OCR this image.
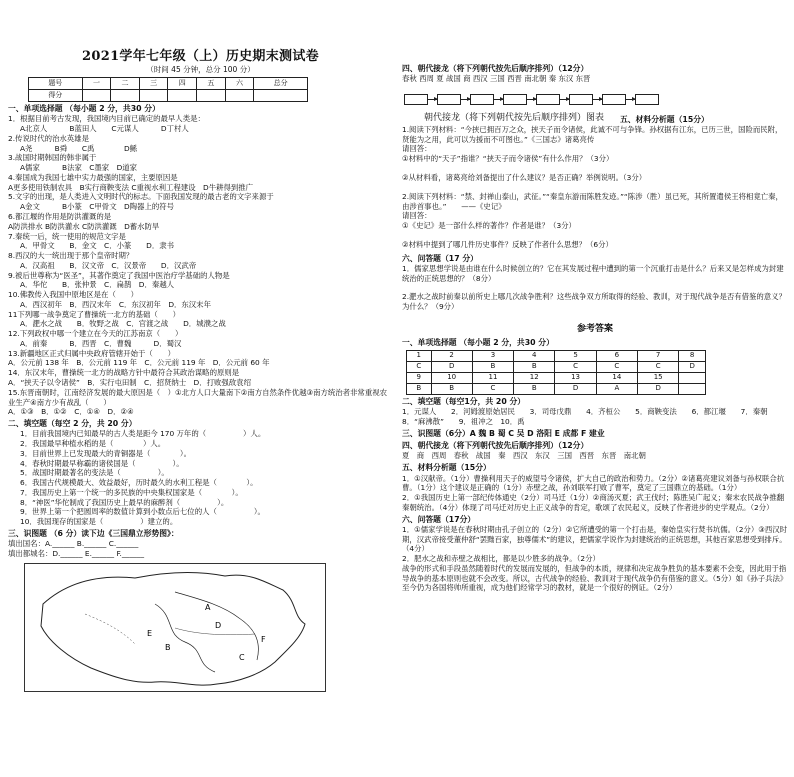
2021学年七年级（上）历史期末测试卷
（时间 45 分钟，总分 100 分）
题号	一	二	三	四	五	六	总分
得分							
一、单项选择题 （每小题 2 分，共30 分）
1．根据目前考古发现，我国境内目前已确定的最早人类是：
A北京人　　　B蓝田人　　C元谋人　　　D丁村人
2.传说时代的治水英雄是
A尧　　　B舜　　C禹　　　　D鲧
3.战国时期韩国的韩非属于
A儒家　　　B法家　C墨家　D道家
4.秦国成为我国七雄中实力最强的国家，主要原因是
A更多使用铁制农具　B实行商鞅变法 C重视水利工程建设　D牛耕得到推广
5.文字的出现，是人类进入文明时代的标志。下面我国发现的最古老的文字来源于
A金文　　　B小篆　C甲骨文　D陶器上的符号
6.都江堰的作用是防洪灌溉的是
A防洪排水 B防洪灌水 C防洪灌溉　D蓄水防旱
7.秦统一后，统一使用的规范文字是
A．甲骨文　　B．金文　C．小篆　　D．隶书
8.西汉的大一统出现于那个皇帝时期？
A．汉高祖　　B．汉文帝　C．汉景帝　　D．汉武帝
9.被后世尊称为“医圣”，其著作奠定了我国中医治疗学基础的人物是
A．华佗　　B．张仲景　C．扁鹊　D．秦越人
10.佛教传入我国中原地区是在（　　）
A．西汉初年　B．西汉末年　C．东汉初年　D．东汉末年
11下列哪一战争奠定了曹操统一北方的基础（　　）
A．淝水之战　　B．牧野之战　C．官渡之战　　D．城濮之战
12.下列政权中哪一个建立在今天的江苏南京（　　）
A．前秦　　　B．西晋　C．曹魏　　　D．蜀汉
13.新疆地区正式归属中央政府管辖开始于（　　）
A．公元前 138 年　B．公元前 119 年　C．公元前 119 年　D．公元前 60 年
14．东汉末年，曹操统一北方的战略方针中最符合其政治谋略的原则是
A．“挟天子以令诸侯”　B．实行屯田制　C．招贤纳士　D．打败强敌袁绍
15.东晋南朝时，江南经济发展的最大原因是（　）①北方人口大量南下②南方自然条件优越③南方统治者非常重视农业生产④南方少有战乱（　　）
A．①③　B．①②　C．①④　D．②④
二、填空题（每空 2 分，共 20 分）
1．目前我国境内已知最早的古人类是距今 170 万年的（　　　　　）人。
2．我国最早种植水稻的是（　　　　）人。
3．目前世界上已发现最大的青铜器是（　　　　）。
4．春秋时期最早称霸的诸侯国是（　　　　　）。
5．战国时期最著名的变法是（　　　　　）。
6．我国古代规模最大、效益最好，历时最久的水利工程是（　　　　）。
7．我国历史上第一个统一的多民族的中央集权国家是（　　　　）。
8．“神医”华佗制成了我国历史上最早的麻醉剂（　　　　　）。
9．世界上第一个把圆周率的数值计算到小数点后七位的人（　　　　　）。
10．我国现存的国家是（　　　　　）建立的。
三、识图题 （6 分）读下边《三国鼎立形势图》：
填出国名：A.______ B.______ C.______
填出都城名：D.______ E.______ F.______
A
B
C
D
E
F
四、朝代接龙（将下列朝代按先后顺序排列）（12分）
春秋 西周 夏 战国 商 西汉 三国 西晋 南北朝 秦 东汉 东晋
朝代接龙（将下列朝代按先后顺序排列）图表 五、材料分析题（15分）
1.阅读下列材料：“今挟已拥百万之众，挟天子而令诸侯，此诚不可与争锋。孙权据有江东，已历三世，国险而民附，贤能为之用，此可以为援而不可图也。”《三国志》诸葛亮传
请回答：
①材料中的“天子”指谁？“挟天子而令诸侯”有什么作用？（3分）
②从材料看，诸葛亮给刘备提出了什么建议？是否正确？举例说明。（3分）
2.阅读下列材料：“禁、封禅山泰山，武征。”“秦皇东游而陈胜发迹。”“陈涉（胜）虽已死，其所置遣侯王将相竟亡秦，由涉首事也。”　　——《史记》
请回答：
①《史记》是一部什么样的著作？作者是谁？（3分）
②材料中提到了哪几件历史事件？反映了作者什么思想？（6分）
六、问答题（17 分）
1．儒家思想学说是由谁在什么时候创立的？它在其发展过程中遭到的第一个沉重打击是什么？后来又是怎样成为封建统治的正统思想的？（8分）
2.淝水之战时前秦以前所史上哪几次战争胜利？这些战争双方所取得的经验、教训，对于现代战争是否有借鉴的意义？为什么？（9分）
参考答案
一、单项选择题 （每小题 2 分，共30 分）
1	2	3	4	5	6	7	8
C	D	B	B	C	C	C	D
9	10	11	12	13	14	15	
B	B	C	B	D	A	D	
二、填空题（每空1分，共 20 分）
1．元谋人　　2．河姆渡原始居民　　3．司母戊鼎　　4．齐桓公　　5．商鞅变法　　6．都江堰　　7．秦朝　　8．“麻沸散”　　9．祖冲之　10．禹
三、识图题（6分）A 魏 B 蜀 C 吴 D 洛阳 E 成都 F 建业
四、朝代接龙（将下列朝代按先后顺序排列）（12分）
夏　商　西周　春秋　战国　秦　西汉　东汉　三国　西晋　东晋　南北朝
五、材料分析题（15分）
1．①汉献帝。（1分）曹操利用天子的威望号令诸侯，扩大自己的政治和势力。（2分）②诸葛亮建议刘备与孙权联合抗曹。（1分）这个建议是正确的（1分）赤壁之战，孙刘联军打败了曹军，奠定了三国鼎立的基础。（1分）
2．①我国历史上第一部纪传体通史（2分）司马迁（1分）②商汤灭夏；武王伐纣；陈胜吴广起义；秦末农民战争推翻秦朝统治。（4分）体现了司马迁对历史上正义战争的肯定，歌颂了农民起义，反映了作者进步的史学观点。（2分）
六、问答题（17分）
1．①儒家学说是在春秋时期由孔子创立的（2分）②它所遭受的第一个打击是，秦始皇实行焚书坑儒。（2分）③西汉时期，汉武帝接受董仲舒“罢黜百家，独尊儒术”的建议，把儒家学说作为封建统治的正统思想，其他百家思想受到排斥。（4分）
2．肥水之战和赤壁之战相比，都是以少胜多的战争。（2分）
战争的形式和手段虽然随着时代的发展而发展的，但战争的本质，规律和决定战争胜负的基本要素不会变，因此用于指导战争的基本原则也就不会改变。所以，古代战争的经验、教训对于现代战争仍有借鉴的意义。（5分）如《孙子兵法》至今仍为各国将帅所重视，成为他们经常学习的教材，就是一个很好的例证。（2分）
